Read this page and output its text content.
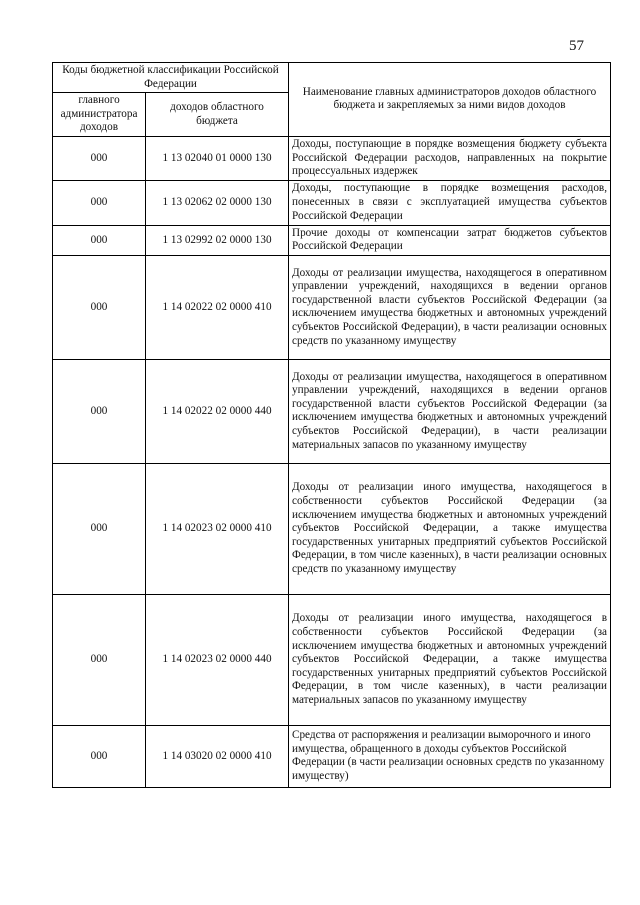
57
Коды бюджетной классификации Российской Федерации		Наименование главных администраторов доходов областного бюджета и закрепляемых за ними видов доходов
главного администратора доходов	доходов областного бюджета	
000	1 13 02040 01 0000 130	Доходы, поступающие в порядке возмещения бюджету субъекта Российской Федерации расходов, направленных на покрытие процессуальных издержек
000	1 13 02062 02 0000 130	Доходы, поступающие в порядке возмещения расходов, понесенных в связи с эксплуатацией имущества субъектов Российской Федерации
000	1 13 02992 02 0000 130	Прочие доходы от компенсации затрат бюджетов субъектов Российской Федерации
000	1 14 02022 02 0000 410	Доходы от реализации имущества, находящегося в оперативном управлении учреждений, находящихся в ведении органов государственной власти субъектов Российской Федерации (за исключением имущества бюджетных и автономных учреждений субъектов Российской Федерации), в части реализации основных средств по указанному имуществу
000	1 14 02022 02 0000 440	Доходы от реализации имущества, находящегося в оперативном управлении учреждений, находящихся в ведении органов государственной власти субъектов Российской Федерации (за исключением имущества бюджетных и автономных учреждений субъектов Российской Федерации), в части реализации материальных запасов по указанному имуществу
000	1 14 02023 02 0000 410	Доходы от реализации иного имущества, находящегося в собственности субъектов Российской Федерации (за исключением имущества бюджетных и автономных учреждений субъектов Российской Федерации, а также имущества государственных унитарных предприятий субъектов Российской Федерации, в том числе казенных), в части реализации основных средств по указанному имуществу
000	1 14 02023 02 0000 440	Доходы от реализации иного имущества, находящегося в собственности субъектов Российской Федерации (за исключением имущества бюджетных и автономных учреждений субъектов Российской Федерации, а также имущества государственных унитарных предприятий субъектов Российской Федерации, в том числе казенных), в части реализации материальных запасов по указанному имуществу
000	1 14 03020 02 0000 410	Средства от распоряжения и реализации выморочного и иного имущества, обращенного в доходы субъектов Российской Федерации (в части реализации основных средств по указанному имуществу)
